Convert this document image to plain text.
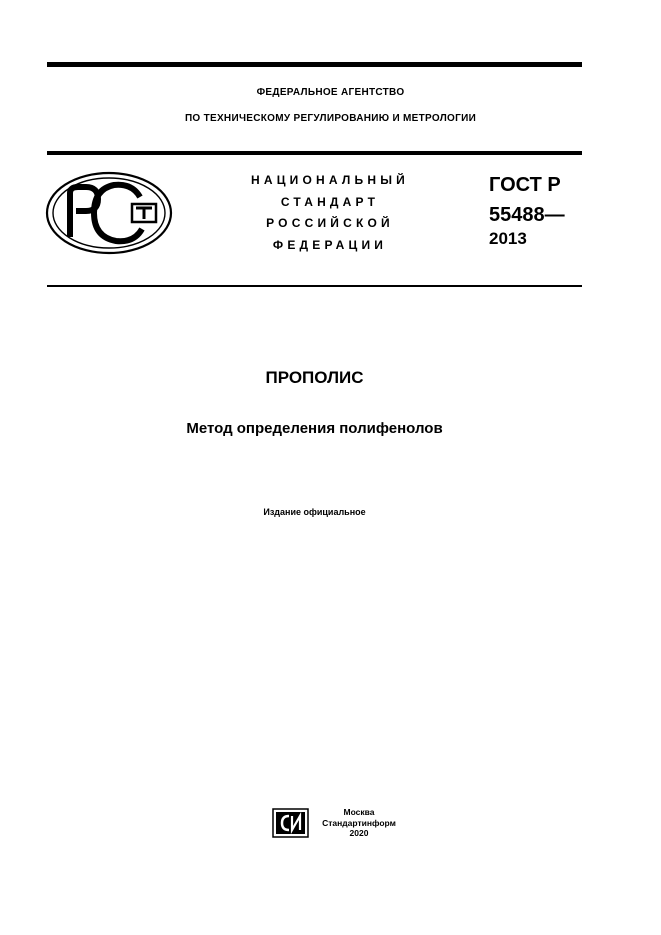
ФЕДЕРАЛЬНОЕ АГЕНТСТВО
ПО ТЕХНИЧЕСКОМУ РЕГУЛИРОВАНИЮ И МЕТРОЛОГИИ
НАЦИОНАЛЬНЫЙ
СТАНДАРТ
РОССИЙСКОЙ
ФЕДЕРАЦИИ
ГОСТ Р
55488—
2013
ПРОПОЛИС
Метод определения полифенолов
Издание официальное
Москва
Стандартинформ
2020
